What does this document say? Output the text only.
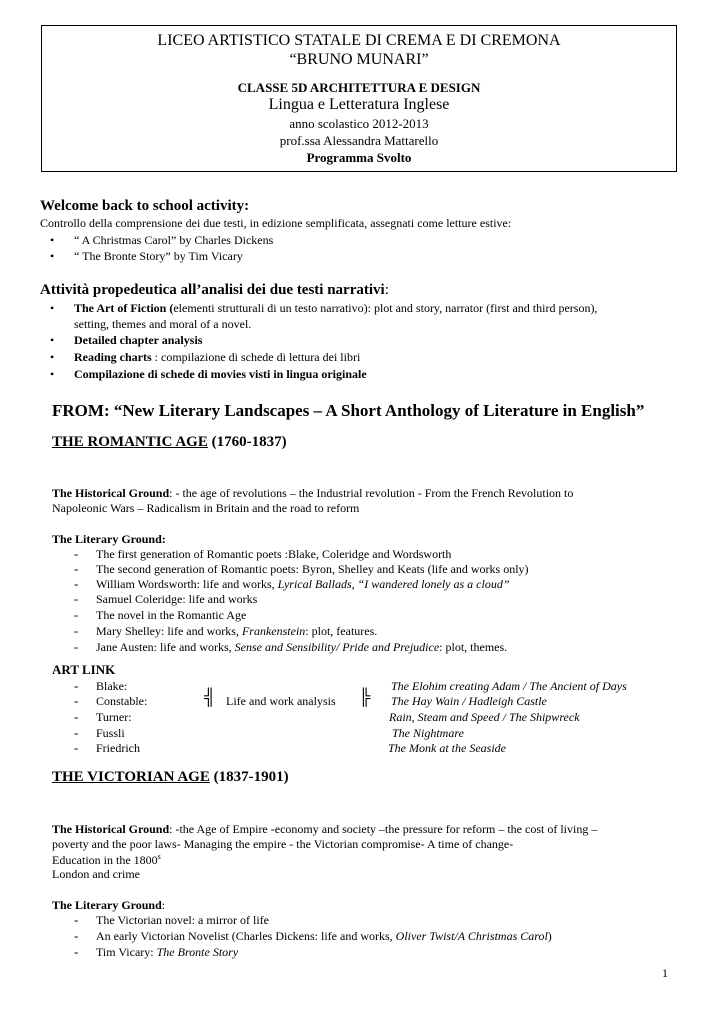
LICEO ARTISTICO STATALE DI CREMA E DI CREMONA
“BRUNO MUNARI”
CLASSE 5D ARCHITETTURA E DESIGN
Lingua e Letteratura Inglese
anno scolastico 2012-2013
prof.ssa Alessandra Mattarello
Programma Svolto
Welcome back to school activity:
Controllo della comprensione dei due testi, in edizione semplificata, assegnati come letture estive:
• “ A Christmas Carol” by Charles Dickens
• “ The Bronte Story” by Tim Vicary
Attività propedeutica all’analisi dei due testi narrativi:
• The Art of Fiction (elementi strutturali di un testo narrativo): plot and story, narrator (first and third person),
setting, themes and moral of a novel.
• Detailed chapter analysis
• Reading charts : compilazione di schede di lettura dei libri
• Compilazione di schede di movies visti in lingua originale
FROM: “New Literary Landscapes – A Short Anthology of Literature in English”
THE ROMANTIC AGE (1760-1837)
The Historical Ground: - the age of revolutions – the Industrial revolution - From the French Revolution to
Napoleonic Wars – Radicalism in Britain and the road to reform
The Literary Ground:
- The first generation of Romantic poets :Blake, Coleridge and Wordsworth
- The second generation of Romantic poets: Byron, Shelley and Keats (life and works only)
- William Wordsworth: life and works, Lyrical Ballads, “I wandered lonely as a cloud”
- Samuel Coleridge: life and works
- The novel in the Romantic Age
- Mary Shelley: life and works, Frankenstein: plot, features.
- Jane Austen: life and works, Sense and Sensibility/ Pride and Prejudice: plot, themes.
ART LINK
- Blake:	The Elohim creating Adam / The Ancient of Days
- Constable:	╣ Life and work analysis ╠ The Hay Wain / Hadleigh Castle
- Turner:	Rain, Steam and Speed / The Shipwreck
- Fussli	The Nightmare
- Friedrich	The Monk at the Seaside
THE VICTORIAN AGE (1837-1901)
The Historical Ground: -the Age of Empire -economy and society –the pressure for reform – the cost of living –
poverty and the poor laws- Managing the empire - the Victorian compromise- A time of change-
Education in the 1800$^s$
London and crime
The Literary Ground:
- The Victorian novel: a mirror of life
- An early Victorian Novelist (Charles Dickens: life and works, Oliver Twist/A Christmas Carol)
- Tim Vicary: The Bronte Story
1
